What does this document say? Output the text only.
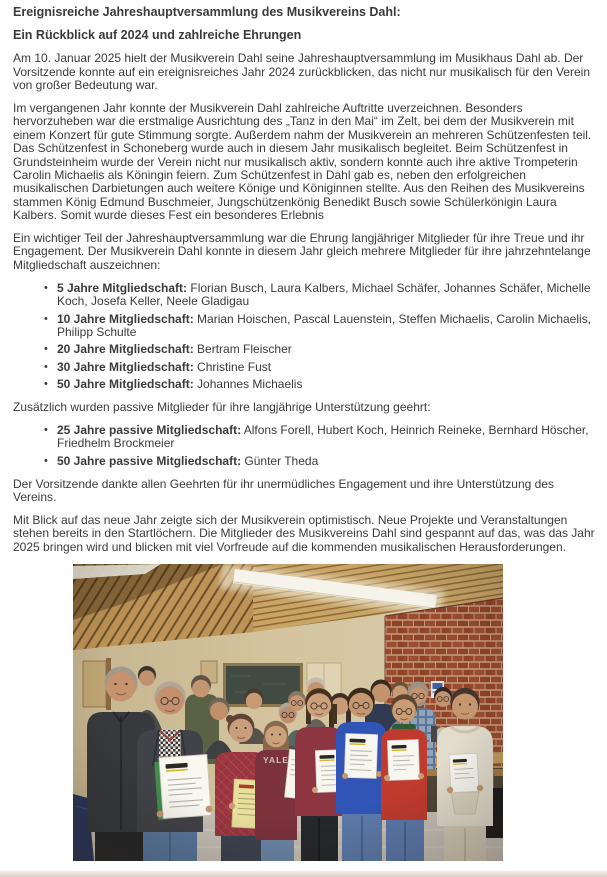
Ereignisreiche Jahreshauptversammlung des Musikvereins Dahl:
Ein Rückblick auf 2024 und zahlreiche Ehrungen

Am 10. Januar 2025 hielt der Musikverein Dahl seine Jahreshauptversammlung im Musikhaus Dahl ab. Der Vorsitzende konnte auf ein ereignisreiches Jahr 2024 zurückblicken, das nicht nur musikalisch für den Verein von großer Bedeutung war.

Im vergangenen Jahr konnte der Musikverein Dahl zahlreiche Auftritte uverzeichnen. Besonders hervorzuheben war die erstmalige Ausrichtung des „Tanz in den Mai“ im Zelt, bei dem der Musikverein mit einem Konzert für gute Stimmung sorgte. Außerdem nahm der Musikverein an mehreren Schützenfesten teil. Das Schützenfest in Schoneberg wurde auch in diesem Jahr musikalisch begleitet. Beim Schützenfest in Grundsteinheim wurde der Verein nicht nur musikalisch aktiv, sondern konnte auch ihre aktive Trompeterin Carolin Michaelis als Köningin feiern. Zum Schützenfest in Dahl gab es, neben den erfolgreichen musikalischen Darbietungen auch weitere Könige und Königinnen stellte. Aus den Reihen des Musikvereins stammen König Edmund Buschmeier, Jungschützenkönig Benedikt Busch sowie Schülerkönigin Laura Kalbers. Somit wurde dieses Fest ein besonderes Erlebnis

Ein wichtiger Teil der Jahreshauptversammlung war die Ehrung langjähriger Mitglieder für ihre Treue und ihr Engagement. Der Musikverein Dahl konnte in diesem Jahr gleich mehrere Mitglieder für ihre jahrzehntelange Mitgliedschaft auszeichnen:

• 5 Jahre Mitgliedschaft: Florian Busch, Laura Kalbers, Michael Schäfer, Johannes Schäfer, Michelle Koch, Josefa Keller, Neele Gladigau
• 10 Jahre Mitgliedschaft: Marian Hoischen, Pascal Lauenstein, Steffen Michaelis, Carolin Michaelis, Philipp Schulte
• 20 Jahre Mitgliedschaft: Bertram Fleischer
• 30 Jahre Mitgliedschaft: Christine Fust
• 50 Jahre Mitgliedschaft: Johannes Michaelis

Zusätzlich wurden passive Mitglieder für ihre langjährige Unterstützung geehrt:

• 25 Jahre passive Mitgliedschaft: Alfons Forell, Hubert Koch, Heinrich Reineke, Bernhard Höscher, Friedhelm Brockmeier
• 50 Jahre passive Mitgliedschaft: Günter Theda

Der Vorsitzende dankte allen Geehrten für ihr unermüdliches Engagement und ihre Unterstützung des Vereins.

Mit Blick auf das neue Jahr zeigte sich der Musikverein optimistisch. Neue Projekte und Veranstaltungen stehen bereits in den Startlöchern. Die Mitglieder des Musikvereins Dahl sind gespannt auf das, was das Jahr 2025 bringen wird und blicken mit viel Vorfreude auf die kommenden musikalischen Herausforderungen.
